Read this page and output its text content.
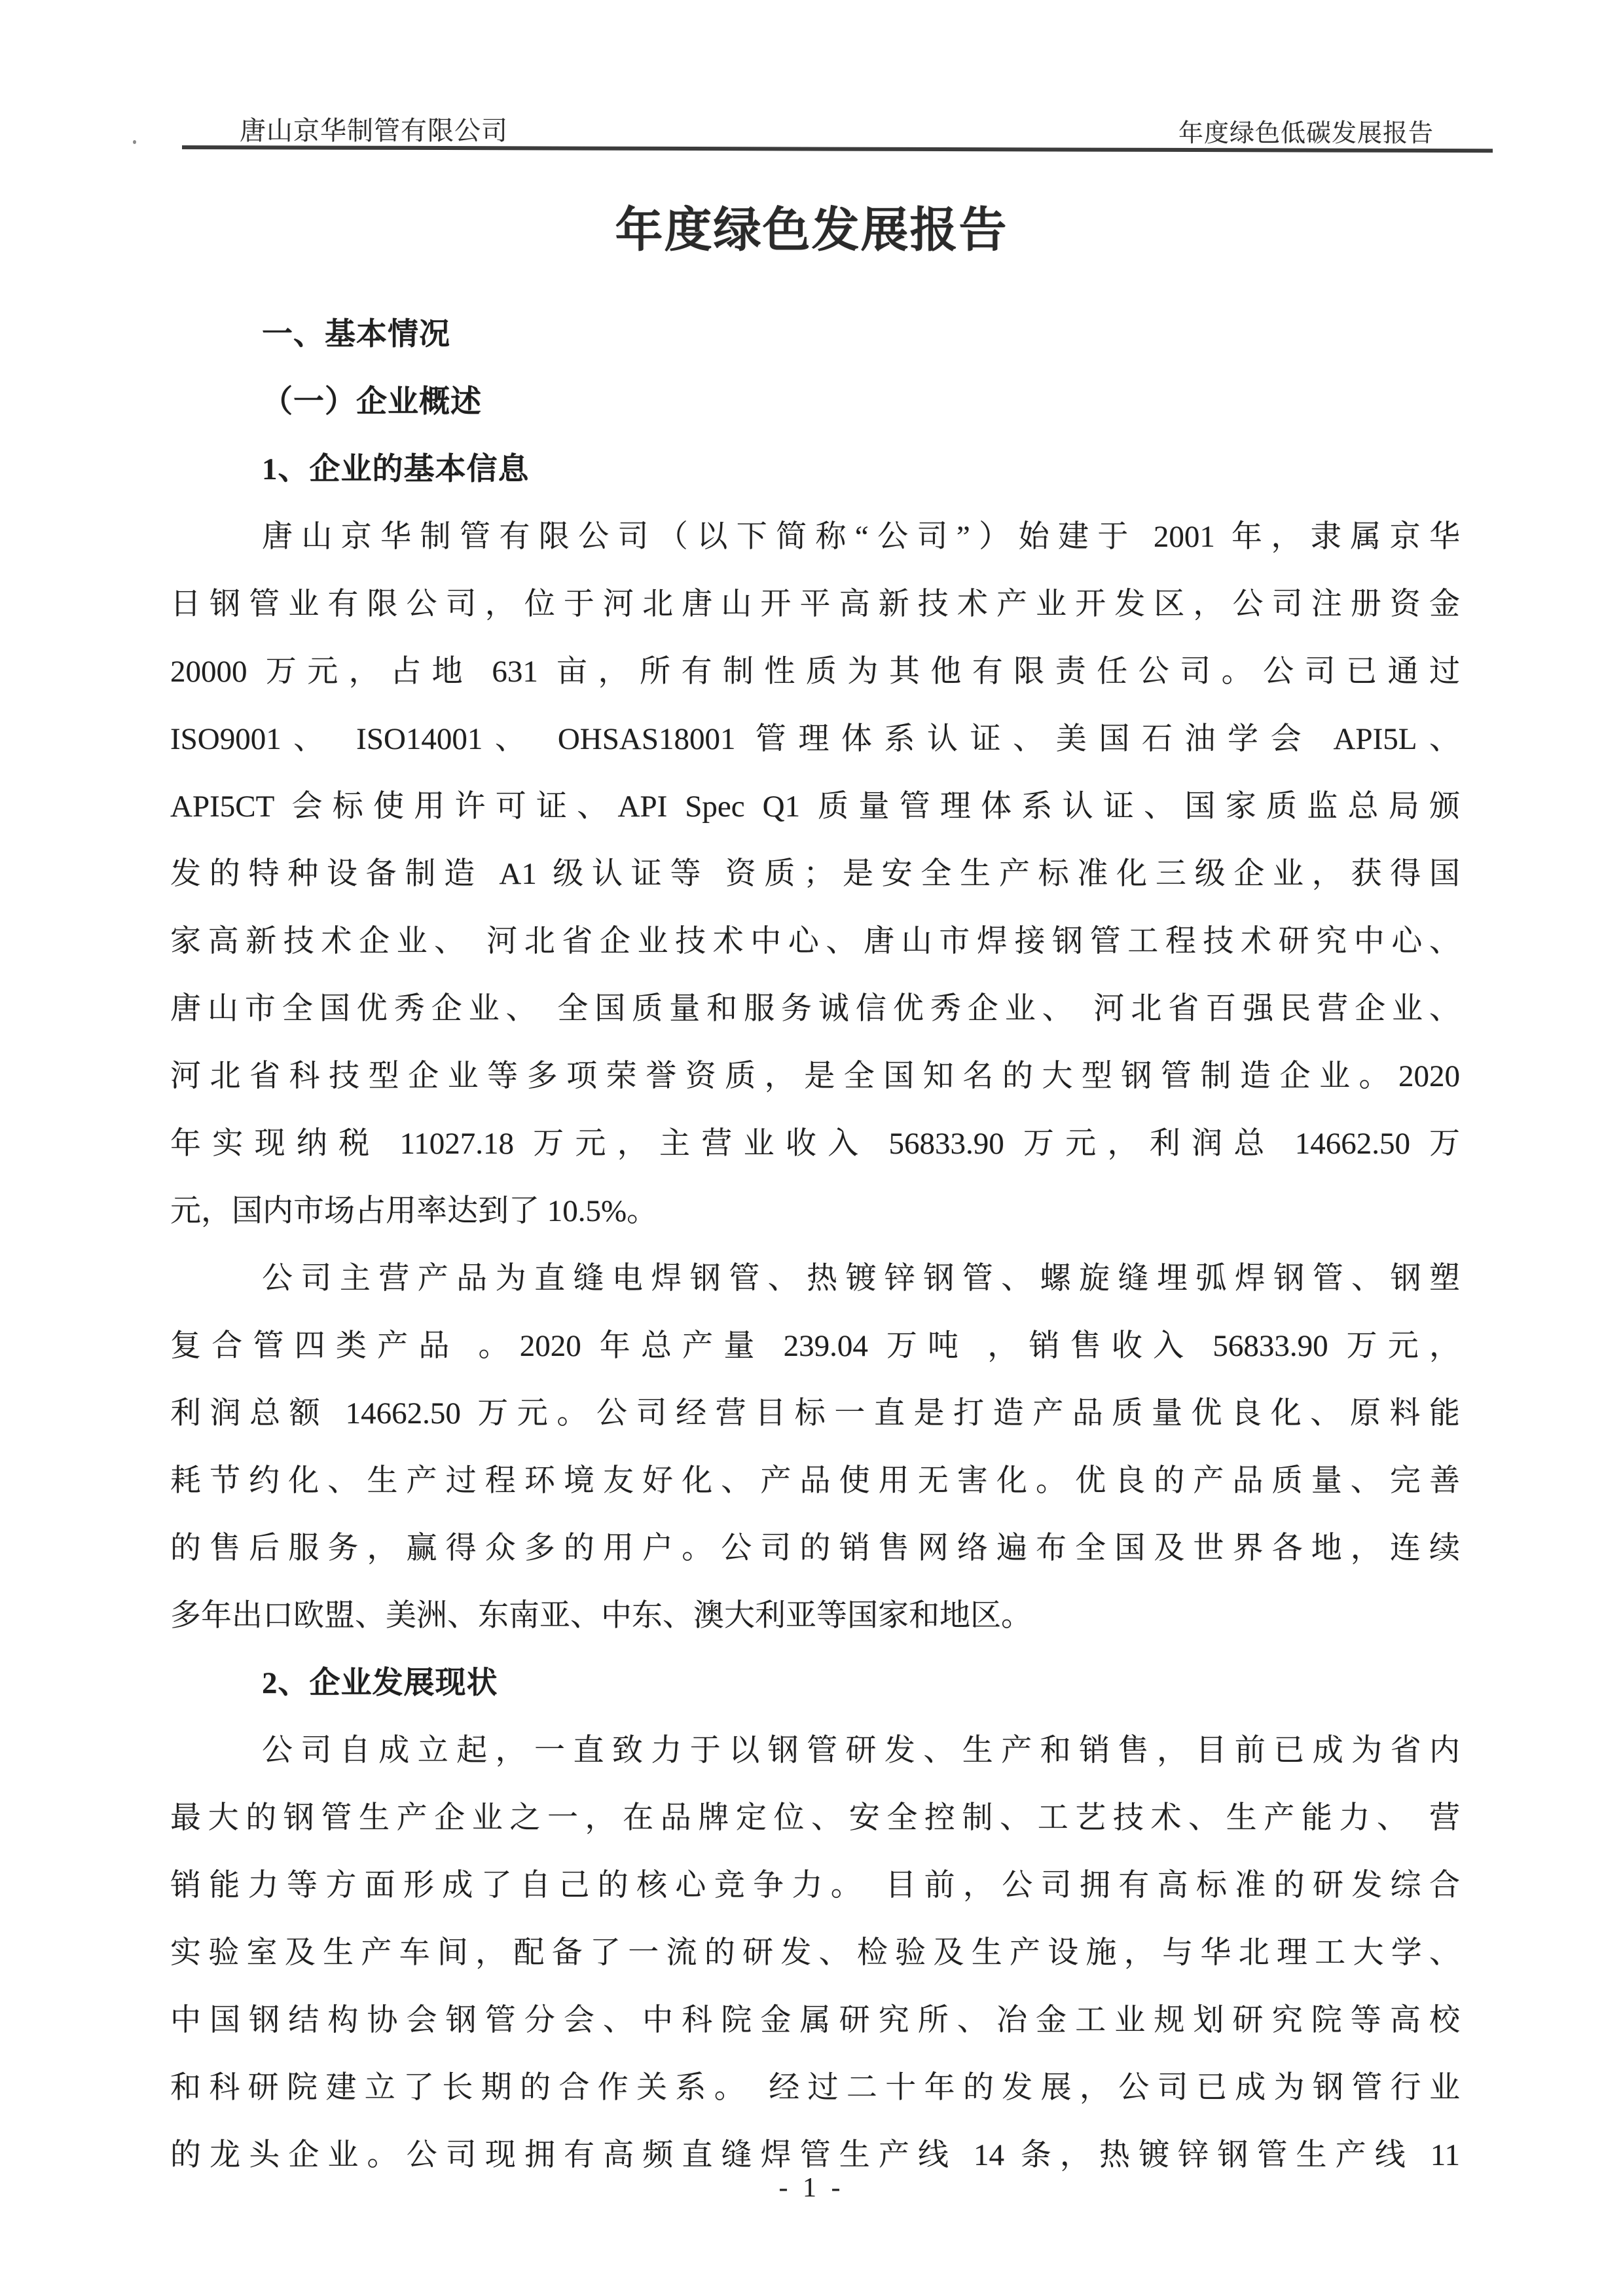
唐山京华制管有限公司	年度绿色低碳发展报告
年度绿色发展报告
一、基本情况
（一）企业概述
1、企业的基本信息
唐山京华制管有限公司（以下简称“公司”）始建于 2001 年，隶属京华
日钢管业有限公司，位于河北唐山开平高新技术产业开发区，公司注册资金
20000 万元，占地 631 亩，所有制性质为其他有限责任公司。公司已通过
ISO9001、 ISO14001、 OHSAS18001 管理体系认证、美国石油学会 API5L、
API5CT 会标使用许可证、API Spec Q1 质量管理体系认证、国家质监总局颁
发的特种设备制造 A1 级认证等 资质；是安全生产标准化三级企业，获得国
家高新技术企业、 河北省企业技术中心、唐山市焊接钢管工程技术研究中心、
唐山市全国优秀企业、 全国质量和服务诚信优秀企业、 河北省百强民营企业、
河北省科技型企业等多项荣誉资质，是全国知名的大型钢管制造企业。2020
年实现纳税 11027.18 万元，主营业收入 56833.90 万元，利润总 14662.50 万
元，国内市场占用率达到了 10.5%。
公司主营产品为直缝电焊钢管、热镀锌钢管、螺旋缝埋弧焊钢管、钢塑
复合管四类产品 。2020 年总产量 239.04 万吨 ，销售收入 56833.90 万元，
利润总额 14662.50 万元。公司经营目标一直是打造产品质量优良化、原料能
耗节约化、生产过程环境友好化、产品使用无害化。优良的产品质量、完善
的售后服务，赢得众多的用户。公司的销售网络遍布全国及世界各地，连续
多年出口欧盟、美洲、东南亚、中东、澳大利亚等国家和地区。
2、企业发展现状
公司自成立起，一直致力于以钢管研发、生产和销售，目前已成为省内
最大的钢管生产企业之一，在品牌定位、安全控制、工艺技术、生产能力、 营
销能力等方面形成了自己的核心竞争力。 目前，公司拥有高标准的研发综合
实验室及生产车间，配备了一流的研发、检验及生产设施，与华北理工大学、
中国钢结构协会钢管分会、中科院金属研究所、冶金工业规划研究院等高校
和科研院建立了长期的合作关系。 经过二十年的发展，公司已成为钢管行业
的龙头企业。公司现拥有高频直缝焊管生产线 14 条，热镀锌钢管生产线 11
- 1 -
